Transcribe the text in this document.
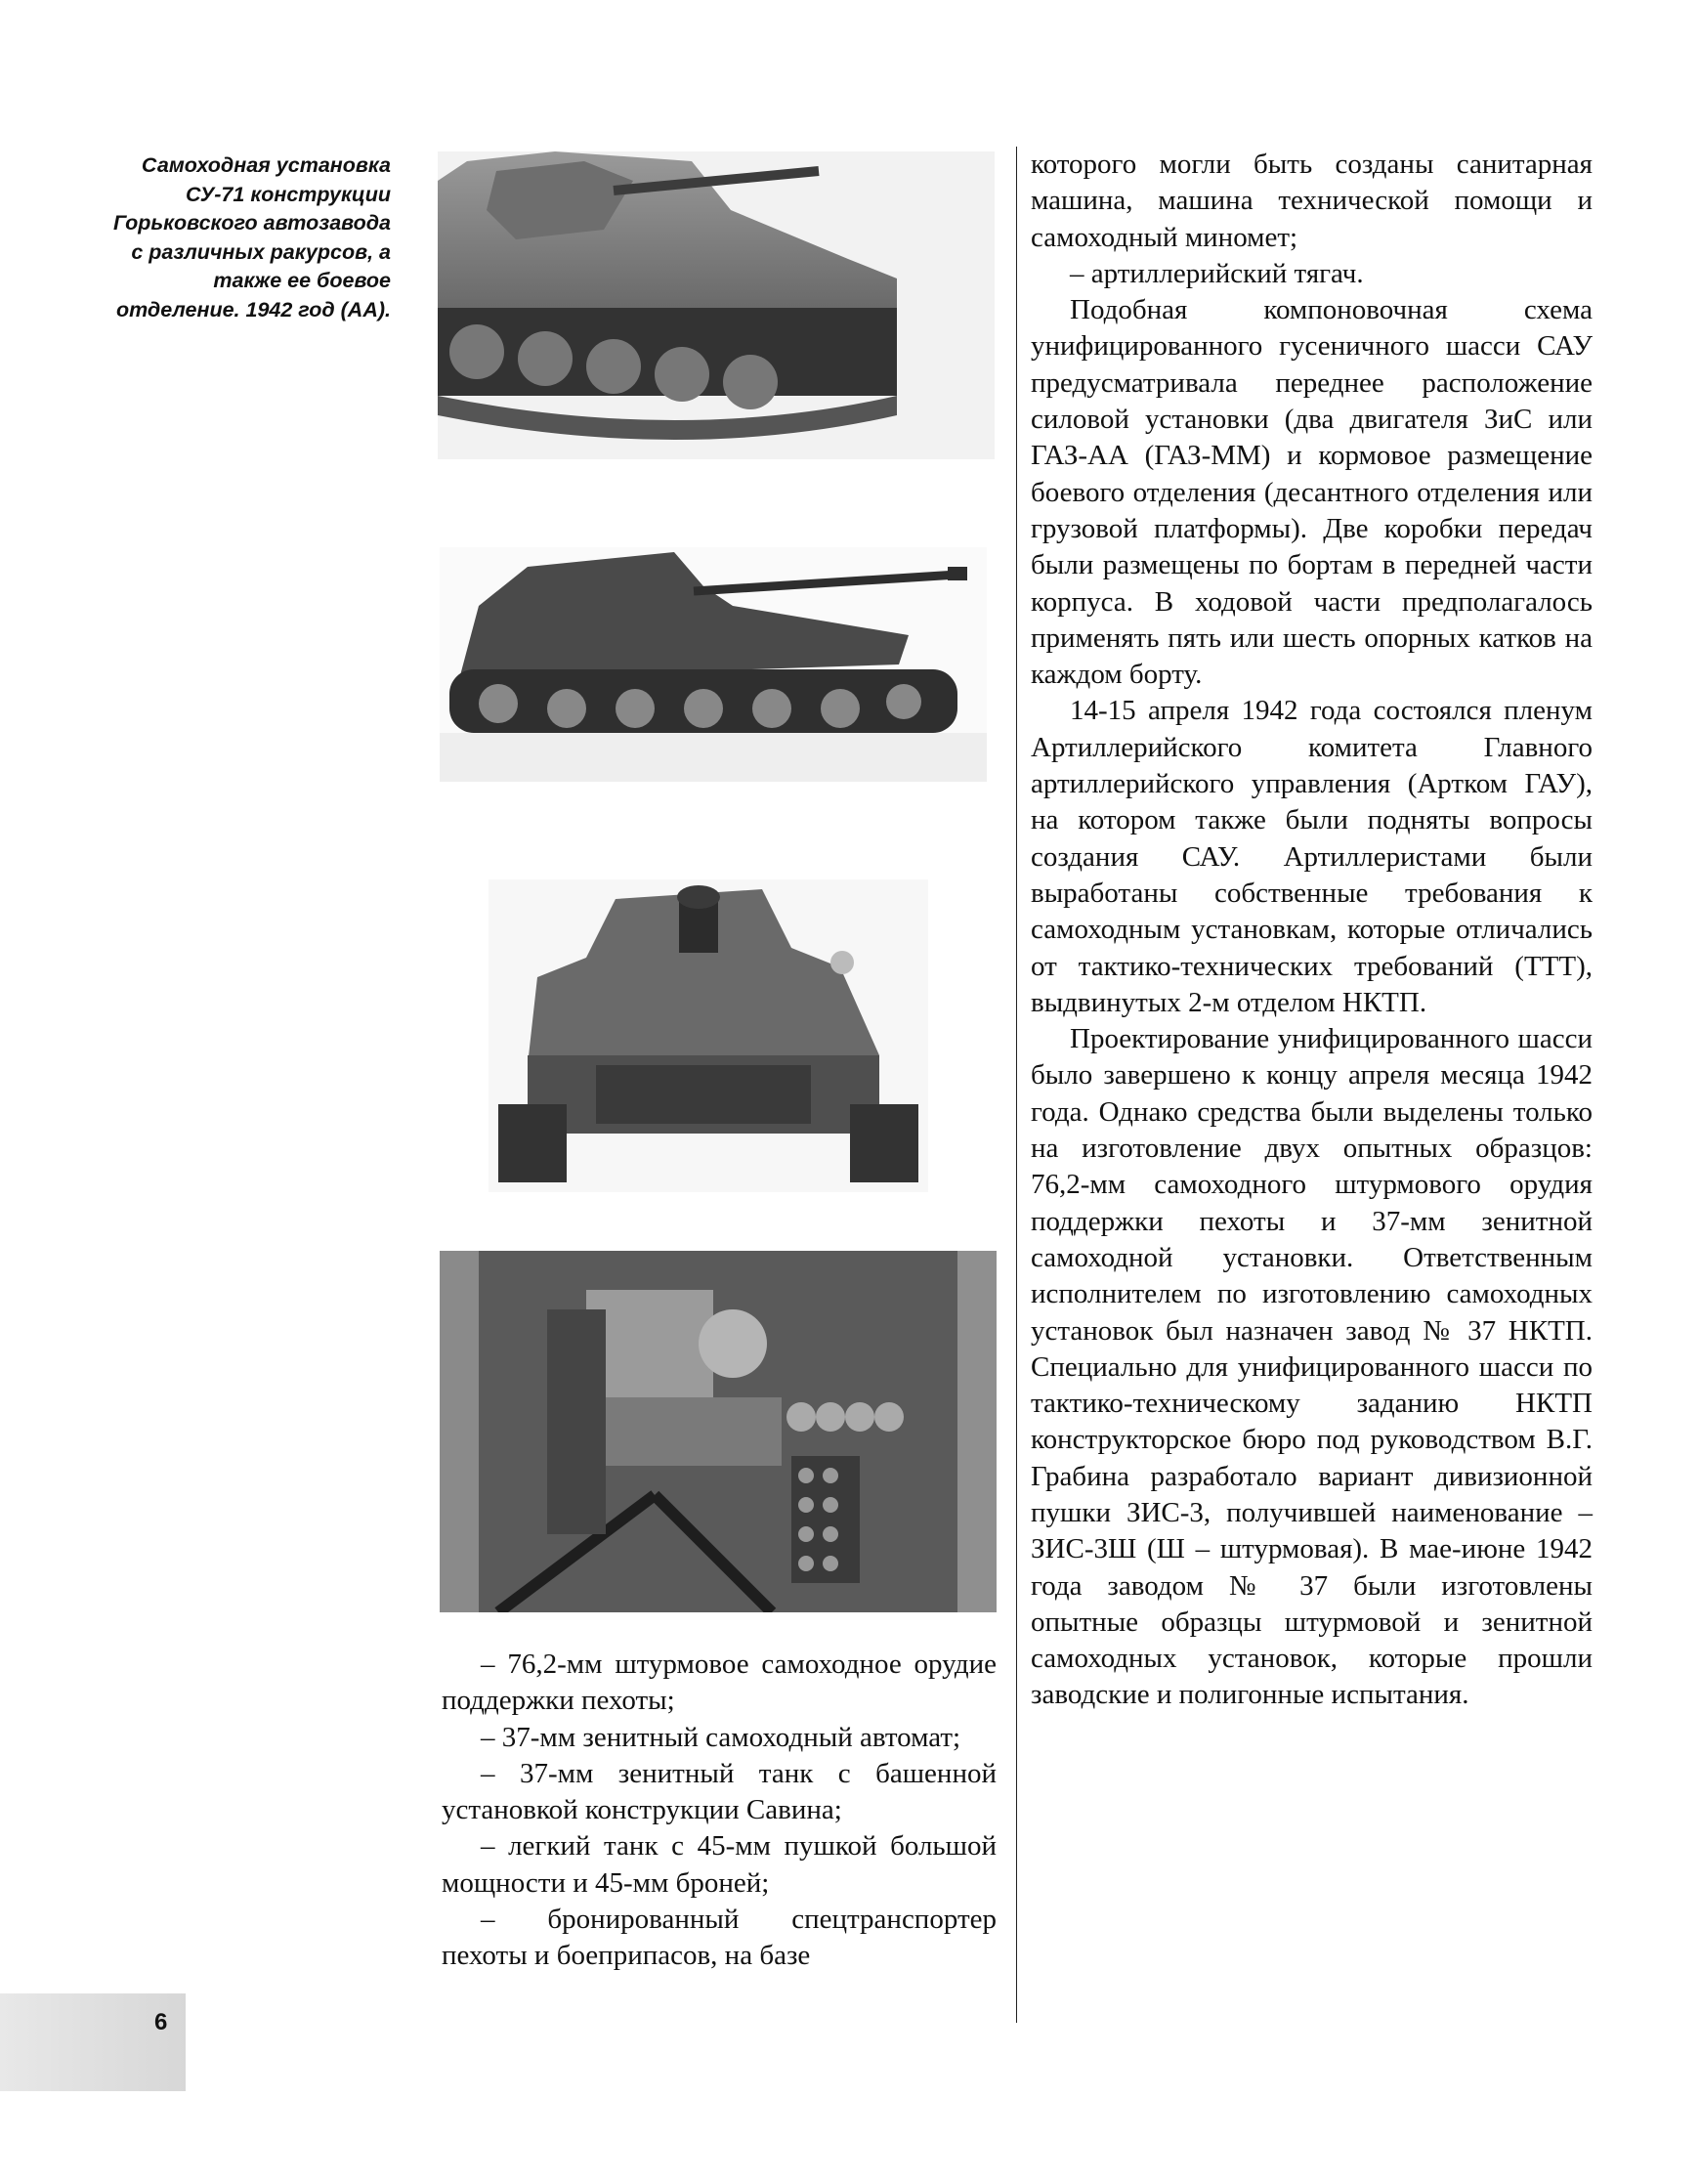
Самоходная установка СУ-71 конструкции Горьковского автозавода с различных ракурсов, а также ее боевое отделение. 1942 год (АА).

– 76,2-мм штурмовое самоходное орудие поддержки пехоты;

– 37-мм зенитный самоходный автомат;

– 37-мм зенитный танк с башенной установкой конструкции Савина;

– легкий танк с 45-мм пушкой большой мощности и 45-мм броней;

– бронированный спецтранспортер пехоты и боеприпасов, на базе

которого могли быть созданы санитарная машина, машина технической помощи и самоходный миномет;

– артиллерийский тягач.

Подобная компоновочная схема унифицированного гусеничного шасси САУ предусматривала переднее расположение силовой установки (два двигателя ЗиС или ГАЗ-АА (ГАЗ-ММ) и кормовое размещение боевого отделения (десантного отделения или грузовой платформы). Две коробки передач были размещены по бортам в передней части корпуса. В ходовой части предполагалось применять пять или шесть опорных катков на каждом борту.

14-15 апреля 1942 года состоялся пленум Артиллерийского комитета Главного артиллерийского управления (Артком ГАУ), на котором также были подняты вопросы создания САУ. Артиллеристами были выработаны собственные требования к самоходным установкам, которые отличались от тактико-технических требований (ТТТ), выдвинутых 2-м отделом НКТП.

Проектирование унифицированного шасси было завершено к концу апреля месяца 1942 года. Однако средства были выделены только на изготовление двух опытных образцов: 76,2-мм самоходного штурмового орудия поддержки пехоты и 37-мм зенитной самоходной установки. Ответственным исполнителем по изготовлению самоходных установок был назначен завод № 37 НКТП. Специально для унифицированного шасси по тактико-техническому заданию НКТП конструкторское бюро под руководством В.Г. Грабина разработало вариант дивизионной пушки ЗИС-3, получившей наименование – ЗИС-3Ш (Ш – штурмовая). В мае-июне 1942 года заводом № 37 были изготовлены опытные образцы штурмовой и зенитной самоходных установок, которые прошли заводские и полигонные испытания.

6
